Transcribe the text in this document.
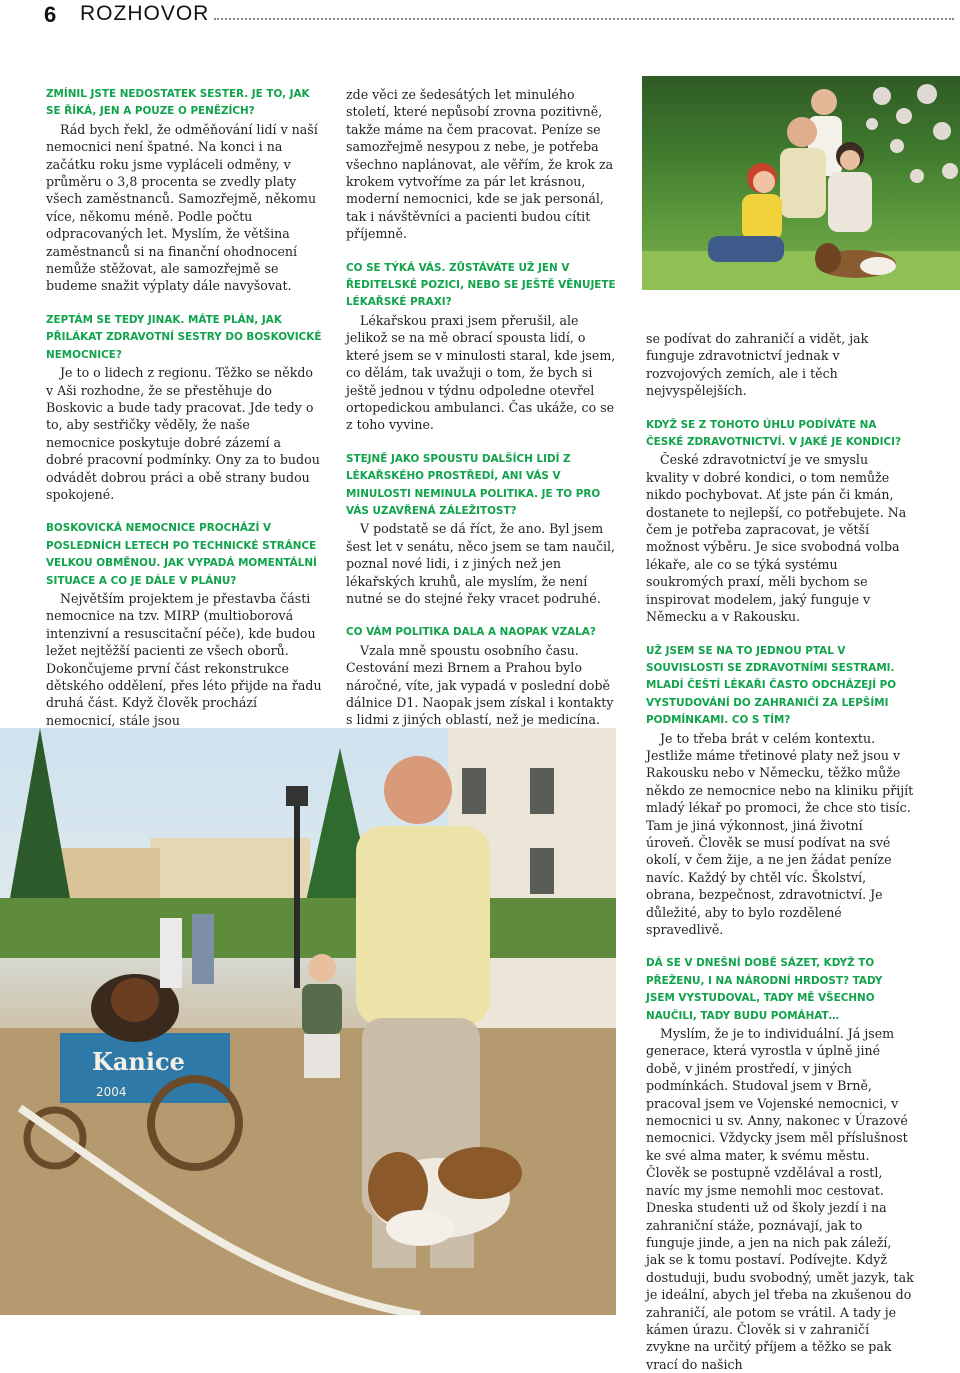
6 ROZHOVOR

ZMÍNIL JSTE NEDOSTATEK SESTER. JE TO, JAK SE ŘÍKÁ, JEN A POUZE O PENĚZÍCH?

Rád bych řekl, že odměňování lidí v naší nemocnici není špatné. Na konci i na začátku roku jsme vypláceli odměny, v průměru o 3,8 procenta se zvedly platy všech zaměstnanců. Samozřejmě, někomu více, někomu méně. Podle počtu odpracovaných let. Myslím, že většina zaměstnanců si na finanční ohodnocení nemůže stěžovat, ale samozřejmě se budeme snažit výplaty dále navyšovat.

ZEPTÁM SE TEDY JINAK. MÁTE PLÁN, JAK PŘILÁKAT ZDRAVOTNÍ SESTRY DO BOSKOVICKÉ NEMOCNICE?

Je to o lidech z regionu. Těžko se někdo v Aši rozhodne, že se přestěhuje do Boskovic a bude tady pracovat. Jde tedy o to, aby sestřičky věděly, že naše nemocnice poskytuje dobré zázemí a dobré pracovní podmínky. Ony za to budou odvádět dobrou práci a obě strany budou spokojené.

BOSKOVICKÁ NEMOCNICE PROCHÁZÍ V POSLEDNÍCH LETECH PO TECHNICKÉ STRÁNCE VELKOU OBMĚNOU. JAK VYPADÁ MOMENTÁLNÍ SITUACE A CO JE DÁLE V PLÁNU?

Největším projektem je přestavba části nemocnice na tzv. MIRP (multioborová intenzivní a resuscitační péče), kde budou ležet nejtěžší pacienti ze všech oborů. Dokončujeme první část rekonstrukce dětského oddělení, přes léto přijde na řadu druhá část. Když člověk prochází nemocnicí, stále jsou

zde věci ze šedesátých let minulého století, které nepůsobí zrovna pozitivně, takže máme na čem pracovat. Peníze se samozřejmě nesypou z nebe, je potřeba všechno naplánovat, ale věřím, že krok za krokem vytvoříme za pár let krásnou, moderní nemocnici, kde se jak personál, tak i návštěvníci a pacienti budou cítit příjemně.

CO SE TÝKÁ VÁS. ZŮSTÁVÁTE UŽ JEN V ŘEDITELSKÉ POZICI, NEBO SE JEŠTĚ VĚNUJETE LÉKAŘSKÉ PRAXI?

Lékařskou praxi jsem přerušil, ale jelikož se na mě obrací spousta lidí, o které jsem se v minulosti staral, kde jsem, co dělám, tak uvažuji o tom, že bych si ještě jednou v týdnu odpoledne otevřel ortopedickou ambulanci. Čas ukáže, co se z toho vyvine.

STEJNĚ JAKO SPOUSTU DALŠÍCH LIDÍ Z LÉKAŘSKÉHO PROSTŘEDÍ, ANI VÁS V MINULOSTI NEMINULA POLITIKA. JE TO PRO VÁS UZAVŘENÁ ZÁLEŽITOST?

V podstatě se dá říct, že ano. Byl jsem šest let v senátu, něco jsem se tam naučil, poznal nové lidi, i z jiných než jen lékařských kruhů, ale myslím, že není nutné se do stejné řeky vracet podruhé.

CO VÁM POLITIKA DALA A NAOPAK VZALA?

Vzala mně spoustu osobního času. Cestování mezi Brnem a Prahou bylo náročné, víte, jak vypadá v poslední době dálnice D1. Naopak jsem získal i kontakty s lidmi z jiných oblastí, než je medicína.

se podívat do zahraničí a vidět, jak funguje zdravotnictví jednak v rozvojových zemích, ale i těch nejvyspělejších.

KDYŽ SE Z TOHOTO ÚHLU PODÍVÁTE NA ČESKÉ ZDRAVOTNICTVÍ. V JAKÉ JE KONDICI?

České zdravotnictví je ve smyslu kvality v dobré kondici, o tom nemůže nikdo pochybovat. Ať jste pán či kmán, dostanete to nejlepší, co potřebujete. Na čem je potřeba zapracovat, je větší možnost výběru. Je sice svobodná volba lékaře, ale co se týká systému soukromých praxí, měli bychom se inspirovat modelem, jaký funguje v Německu a v Rakousku.

UŽ JSEM SE NA TO JEDNOU PTAL V SOUVISLOSTI SE ZDRAVOTNÍMI SESTRAMI. MLADÍ ČEŠTÍ LÉKAŘI ČASTO ODCHÁZEJÍ PO VYSTUDOVÁNÍ DO ZAHRANIČÍ ZA LEPŠÍMI PODMÍNKAMI. CO S TÍM?

Je to třeba brát v celém kontextu. Jestliže máme třetinové platy než jsou v Rakousku nebo v Německu, těžko může někdo ze nemocnice nebo na kliniku přijít mladý lékař po promoci, že chce sto tisíc. Tam je jiná výkonnost, jiná životní úroveň. Člověk se musí podívat na své okolí, v čem žije, a ne jen žádat peníze navíc. Každý by chtěl víc. Školství, obrana, bezpečnost, zdravotnictví. Je důležité, aby to bylo rozdělené spravedlivě.

DÁ SE V DNEŠNÍ DOBĚ SÁZET, KDYŽ TO PŘEŽENU, I NA NÁRODNÍ HRDOST? TADY JSEM VYSTUDOVAL, TADY MĚ VŠECHNO NAUČILI, TADY BUDU POMÁHAT…

Myslím, že je to individuální. Já jsem generace, která vyrostla v úplně jiné době, v jiném prostředí, v jiných podmínkách. Studoval jsem v Brně, pracoval jsem ve Vojenské nemocnici, v nemocnici u sv. Anny, nakonec v Úrazové nemocnici. Vždycky jsem měl příslušnost ke své alma mater, k svému městu. Člověk se postupně vzdělával a rostl, navíc my jsme nemohli moc cestovat. Dneska studenti už od školy jezdí i na zahraniční stáže, poznávají, jak to funguje jinde, a jen na nich pak záleží, jak se k tomu postaví. Podívejte. Když dostuduji, budu svobodný, umět jazyk, tak je ideální, abych jel třeba na zkušenou do zahraničí, ale potom se vrátil. A tady je kámen úrazu. Člověk si v zahraničí zvykne na určitý příjem a těžko se pak vrací do našich

Kanice
2004
